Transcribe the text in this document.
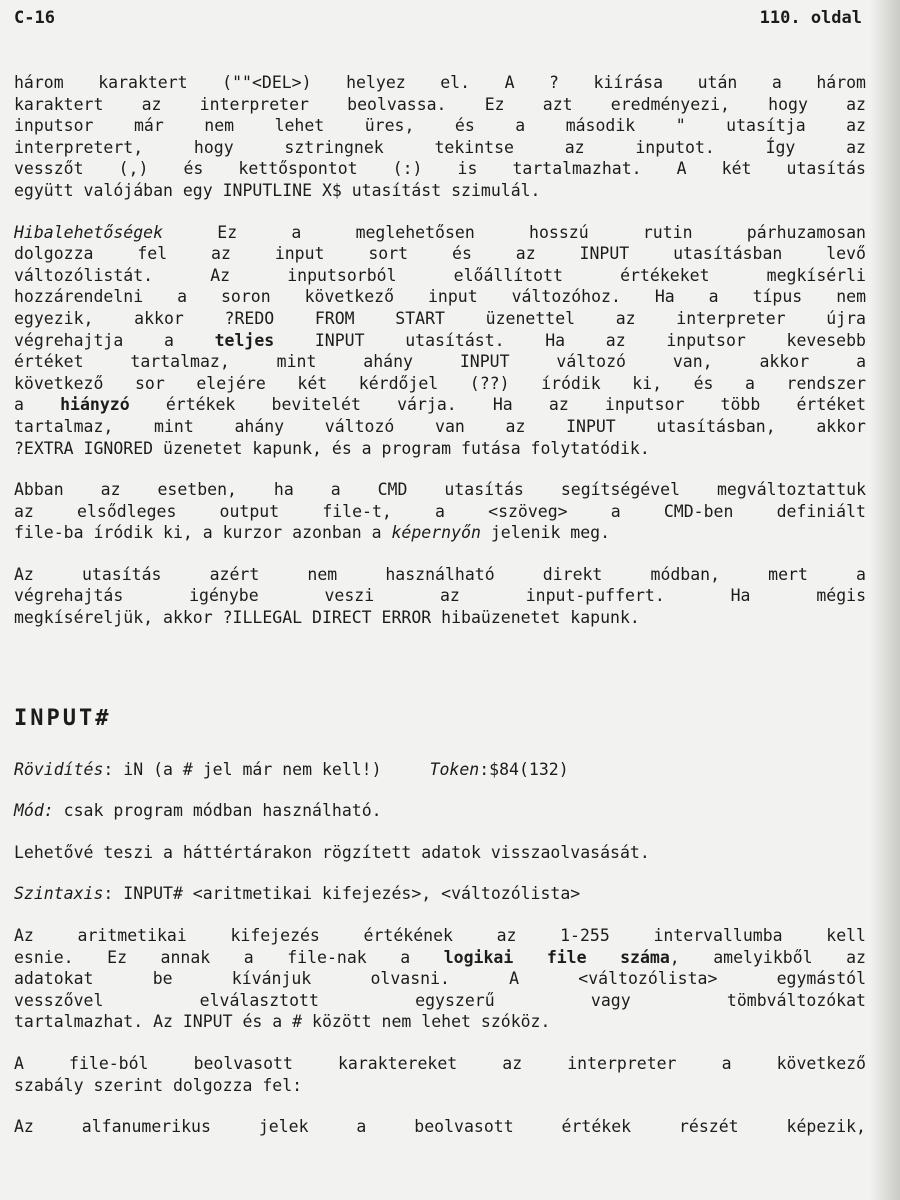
C-16	110. oldal

három karaktert (""<DEL>) helyez el. A ? kiírása után a három

karaktert az interpreter beolvassa. Ez azt eredményezi, hogy az

inputsor már nem lehet üres, és a második " utasítja az

interpretert, hogy sztringnek tekintse az inputot. Így az

vesszőt (,) és kettőspontot (:) is tartalmazhat. A két utasítás

együtt valójában egy INPUTLINE X$ utasítást szimulál.

Hibalehetőségek Ez a meglehetősen hosszú rutin párhuzamosan

dolgozza fel az input sort és az INPUT utasításban levő

változólistát. Az inputsorból előállított értékeket megkísérli

hozzárendelni a soron következő input változóhoz. Ha a típus nem

egyezik, akkor ?REDO FROM START üzenettel az interpreter újra

végrehajtja a teljes INPUT utasítást. Ha az inputsor kevesebb

értéket tartalmaz, mint ahány INPUT változó van, akkor a

következő sor elejére két kérdőjel (??) íródik ki, és a rendszer

a hiányzó értékek bevitelét várja. Ha az inputsor több értéket

tartalmaz, mint ahány változó van az INPUT utasításban, akkor

?EXTRA IGNORED üzenetet kapunk, és a program futása folytatódik.

Abban az esetben, ha a CMD utasítás segítségével megváltoztattuk

az elsődleges output file-t, a <szöveg> a CMD-ben definiált

file-ba íródik ki, a kurzor azonban a képernyőn jelenik meg.

Az utasítás azért nem használható direkt módban, mert a

végrehajtás igénybe veszi az input-puffert. Ha mégis

megkíséreljük, akkor ?ILLEGAL DIRECT ERROR hibaüzenetet kapunk.

INPUT#

Rövidítés: iN (a # jel már nem kell!)	Token:$84(132)

Mód: csak program módban használható.

Lehetővé teszi a háttértárakon rögzített adatok visszaolvasását.

Szintaxis: INPUT# <aritmetikai kifejezés>, <változólista>

Az aritmetikai kifejezés értékének az 1-255 intervallumba kell

esnie. Ez annak a file-nak a logikai file száma, amelyikből az

adatokat be kívánjuk olvasni. A <változólista> egymástól

vesszővel elválasztott egyszerű vagy tömbváltozókat

tartalmazhat. Az INPUT és a # között nem lehet szóköz.

A file-ból beolvasott karaktereket az interpreter a következő

szabály szerint dolgozza fel:

Az alfanumerikus jelek a beolvasott értékek részét képezik,
